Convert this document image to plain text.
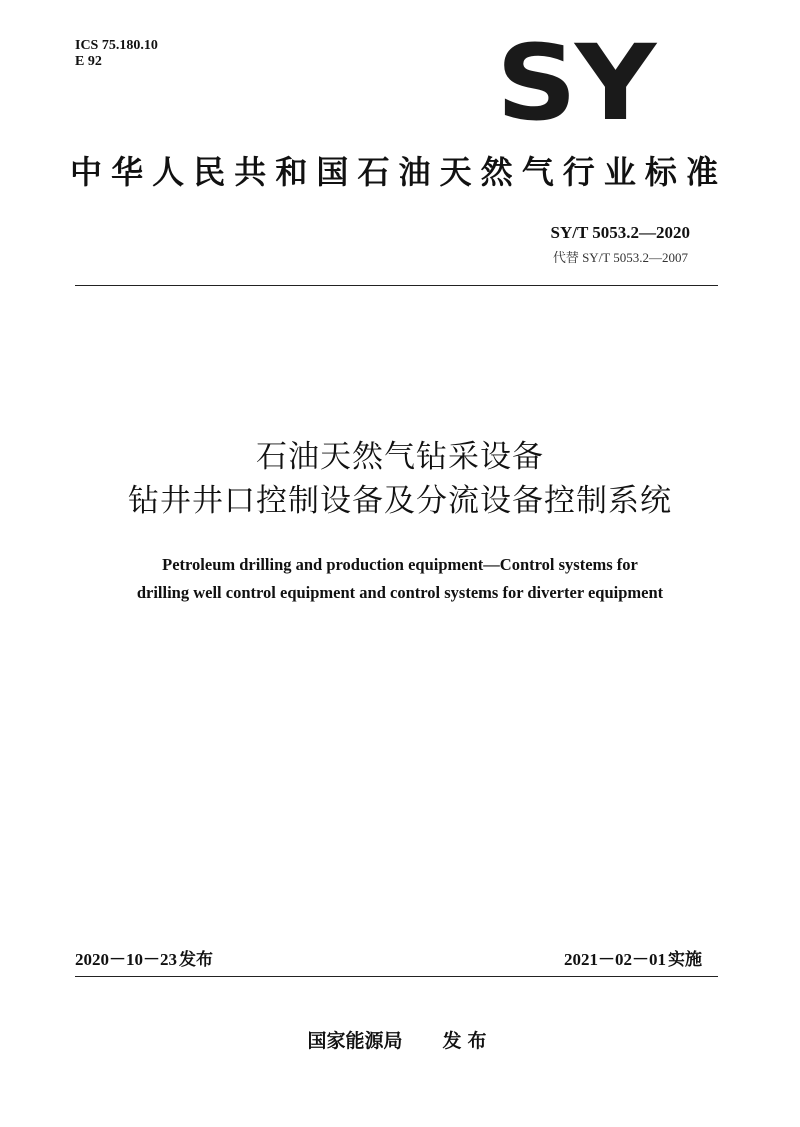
ICS 75.180.10
E 92	SY
中华人民共和国石油天然气行业标准
SY/T 5053.2—2020
代替 SY/T 5053.2—2007
石油天然气钻采设备
钻井井口控制设备及分流设备控制系统
Petroleum drilling and production equipment—Control systems for
drilling well control equipment and control systems for diverter equipment
2020－10－23 发布	2021－02－01 实施
国家能源局 发布
